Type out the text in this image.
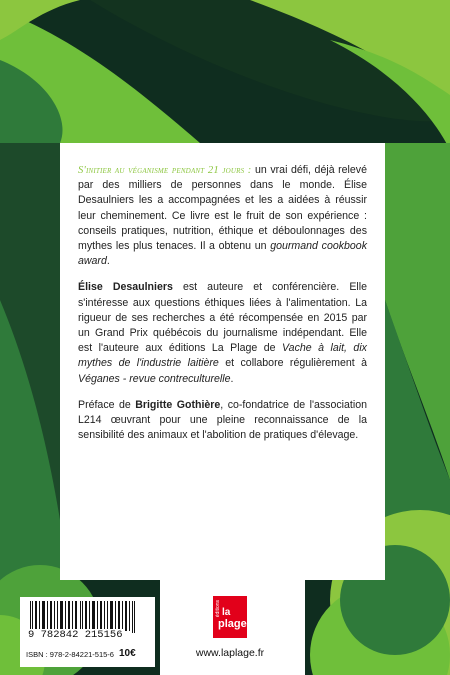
S'initier au véganisme pendant 21 jours : un vrai défi, déjà relevé par des milliers de personnes dans le monde. Élise Desaulniers les a accompagnées et les a aidées à réussir leur cheminement. Ce livre est le fruit de son expérience : conseils pratiques, nutrition, éthique et déboulonnages des mythes les plus tenaces. Il a obtenu un gourmand cookbook award.

Élise Desaulniers est auteure et conférencière. Elle s'intéresse aux questions éthiques liées à l'alimentation. La rigueur de ses recherches a été récompensée en 2015 par un Grand Prix québécois du journalisme indépendant. Elle est l'auteure aux éditions La Plage de Vache à lait, dix mythes de l'industrie laitière et collabore régulièrement à Véganes - revue contreculturelle.

Préface de Brigitte Gothière, co-fondatrice de l'association L214 œuvrant pour une pleine reconnaissance de la sensibilité des animaux et l'abolition de pratiques d'élevage.

9 782842 215156
ISBN : 978-2-84221-515-6 10€
éditions la
plage
www.laplage.fr
